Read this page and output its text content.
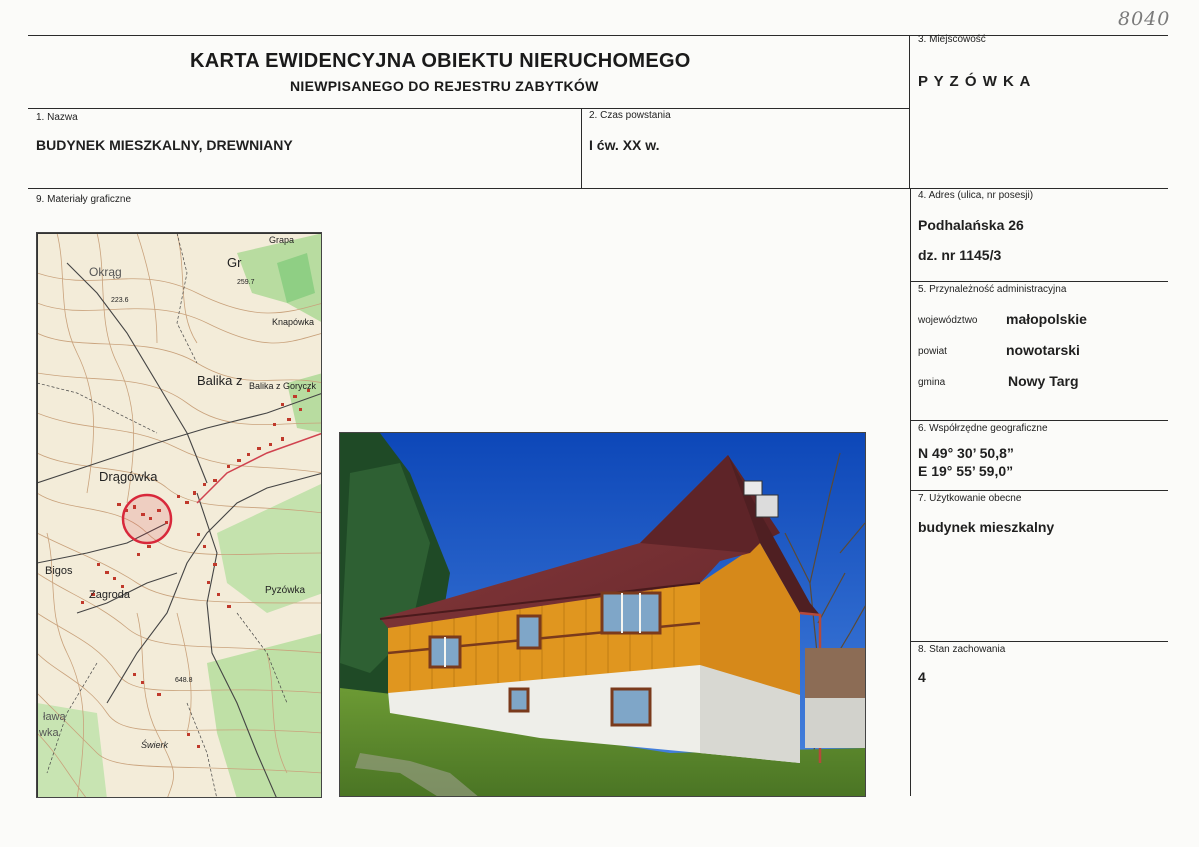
8040
KARTA EWIDENCYJNA OBIEKTU NIERUCHOMEGO
NIEWPISANEGO DO REJESTRU ZABYTKÓW
3. Miejscowość
P Y Z Ó W K A
1. Nazwa
BUDYNEK MIESZKALNY, DREWNIANY
2. Czas powstania
I ćw. XX w.
9. Materiały graficzne	4. Adres (ulica, nr posesji)
Podhalańska 26
dz. nr 1145/3
5. Przynależność administracyjna
województwo małopolskie
powiat	nowotarski
gmina	Nowy Targ
6. Współrzędne geograficzne
N 49° 30’ 50,8”
E 19° 55’ 59,0”
7. Użytkowanie obecne
budynek mieszkalny
8. Stan zachowania
4
Grapa
Gr
Okrąg
Knapówka
Balika z Balika z Goryczk
Drągówka
Bigos
Zagroda	Pyzówka
Świerk
ława
wka
259.7
223.6
648.8
